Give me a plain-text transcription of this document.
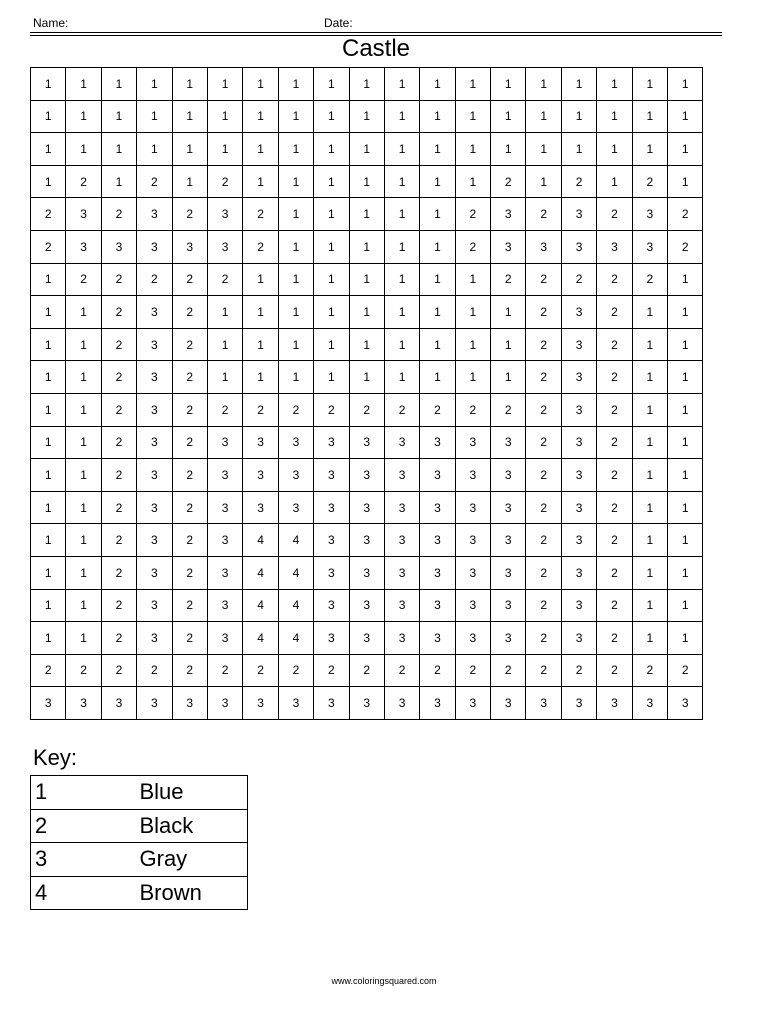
Name:	Date:
Castle
1	1	1	1	1	1	1	1	1	1	1	1	1	1	1	1	1	1	1
1	1	1	1	1	1	1	1	1	1	1	1	1	1	1	1	1	1	1
1	1	1	1	1	1	1	1	1	1	1	1	1	1	1	1	1	1	1
1	2	1	2	1	2	1	1	1	1	1	1	1	2	1	2	1	2	1
2	3	2	3	2	3	2	1	1	1	1	1	2	3	2	3	2	3	2
2	3	3	3	3	3	2	1	1	1	1	1	2	3	3	3	3	3	2
1	2	2	2	2	2	1	1	1	1	1	1	1	2	2	2	2	2	1
1	1	2	3	2	1	1	1	1	1	1	1	1	1	2	3	2	1	1
1	1	2	3	2	1	1	1	1	1	1	1	1	1	2	3	2	1	1
1	1	2	3	2	1	1	1	1	1	1	1	1	1	2	3	2	1	1
1	1	2	3	2	2	2	2	2	2	2	2	2	2	2	3	2	1	1
1	1	2	3	2	3	3	3	3	3	3	3	3	3	2	3	2	1	1
1	1	2	3	2	3	3	3	3	3	3	3	3	3	2	3	2	1	1
1	1	2	3	2	3	3	3	3	3	3	3	3	3	2	3	2	1	1
1	1	2	3	2	3	4	4	3	3	3	3	3	3	2	3	2	1	1
1	1	2	3	2	3	4	4	3	3	3	3	3	3	2	3	2	1	1
1	1	2	3	2	3	4	4	3	3	3	3	3	3	2	3	2	1	1
1	1	2	3	2	3	4	4	3	3	3	3	3	3	2	3	2	1	1
2	2	2	2	2	2	2	2	2	2	2	2	2	2	2	2	2	2	2
3	3	3	3	3	3	3	3	3	3	3	3	3	3	3	3	3	3	3
Key:
1	Blue
2	Black
3	Gray
4	Brown
www.coloringsquared.com
